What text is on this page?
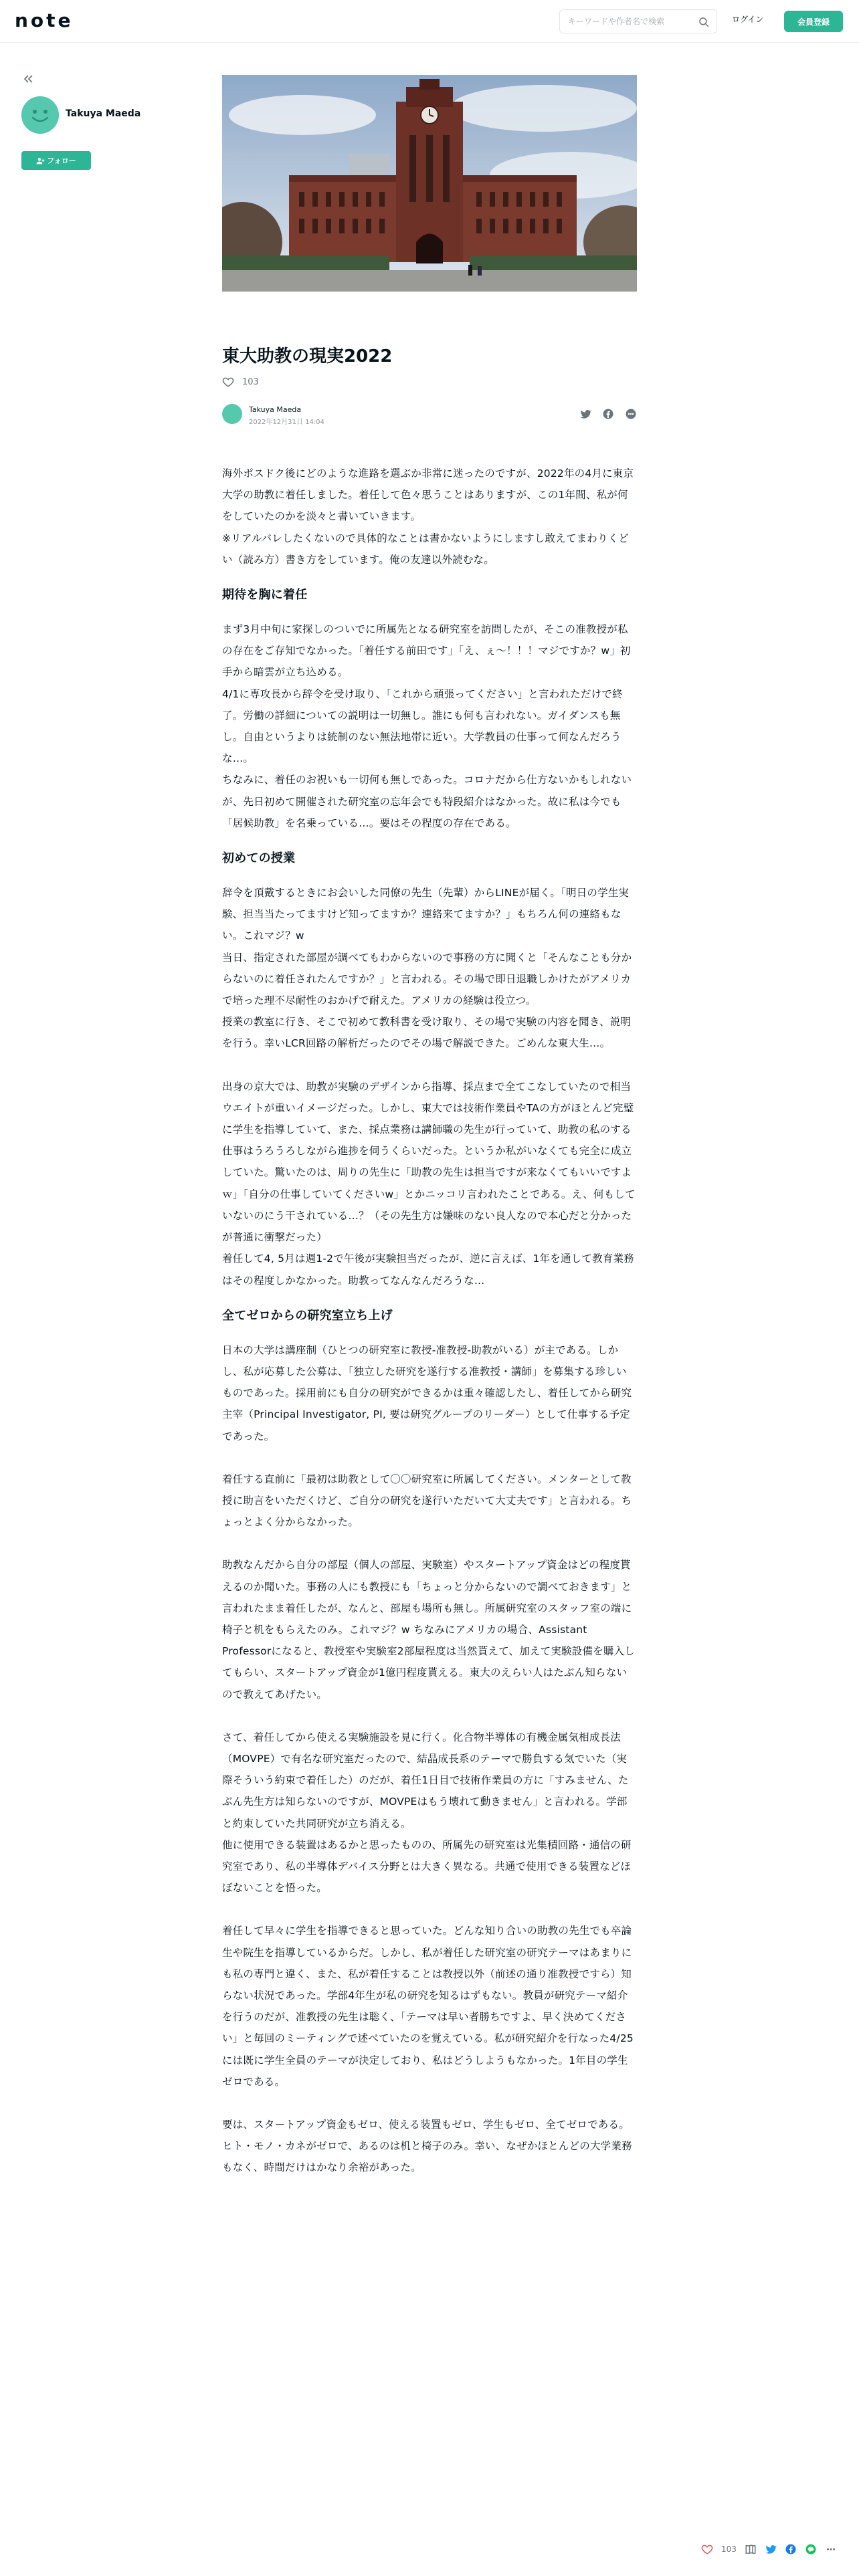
note
キーワードや作者名で検索	ログイン	会員登録
Takuya Maeda
フォロー
東大助教の現実2022
103
Takuya Maeda
2022年12月31日 14:04

海外ポスドク後にどのような進路を選ぶか非常に迷ったのですが、2022年の4月に東京大学の助教に着任しました。着任して色々思うことはありますが、この1年間、私が何をしていたのかを淡々と書いていきます。

※リアルバレしたくないので具体的なことは書かないようにしますし敢えてまわりくどい（読み方）書き方をしています。俺の友達以外読むな。

期待を胸に着任

まず3月中旬に家探しのついでに所属先となる研究室を訪問したが、そこの准教授が私の存在をご存知でなかった。「着任する前田です」「え、ぇ～！！！マジですか？w」初手から暗雲が立ち込める。

4/1に専攻長から辞令を受け取り、「これから頑張ってください」と言われただけで終了。労働の詳細についての説明は一切無し。誰にも何も言われない。ガイダンスも無し。自由というよりは統制のない無法地帯に近い。大学教員の仕事って何なんだろうな…。

ちなみに、着任のお祝いも一切何も無しであった。コロナだから仕方ないかもしれないが、先日初めて開催された研究室の忘年会でも特段紹介はなかった。故に私は今でも「居候助教」を名乗っている…。要はその程度の存在である。

初めての授業

辞令を頂戴するときにお会いした同僚の先生（先輩）からLINEが届く。「明日の学生実験、担当当たってますけど知ってますか？連絡来てますか？」もちろん何の連絡もない。これマジ？w

当日、指定された部屋が調べてもわからないので事務の方に聞くと「そんなことも分からないのに着任されたんですか？」と言われる。その場で即日退職しかけたがアメリカで培った理不尽耐性のおかげで耐えた。アメリカの経験は役立つ。

授業の教室に行き、そこで初めて教科書を受け取り、その場で実験の内容を聞き、説明を行う。幸いLCR回路の解析だったのでその場で解説できた。ごめんな東大生…。

出身の京大では、助教が実験のデザインから指導、採点まで全てこなしていたので相当ウエイトが重いイメージだった。しかし、東大では技術作業員やTAの方がほとんど完璧に学生を指導していて、また、採点業務は講師職の先生が行っていて、助教の私のする仕事はうろうろしながら進捗を伺うくらいだった。というか私がいなくても完全に成立していた。驚いたのは、周りの先生に「助教の先生は担当ですが来なくてもいいですよｗ」「自分の仕事していてくださいw」とかニッコリ言われたことである。え、何もしていないのにう干されている…？（その先生方は嫌味のない良人なので本心だと分かったが普通に衝撃だった）

着任して4, 5月は週1-2で午後が実験担当だったが、逆に言えば、1年を通して教育業務はその程度しかなかった。助教ってなんなんだろうな…

全てゼロからの研究室立ち上げ

日本の大学は講座制（ひとつの研究室に教授-准教授-助教がいる）が主である。しかし、私が応募した公募は、「独立した研究を遂行する准教授・講師」を募集する珍しいものであった。採用前にも自分の研究ができるかは重々確認したし、着任してから研究主宰（Principal Investigator, PI, 要は研究グループのリーダー）として仕事する予定であった。

着任する直前に「最初は助教として〇〇研究室に所属してください。メンターとして教授に助言をいただくけど、ご自分の研究を遂行いただいて大丈夫です」と言われる。ちょっとよく分からなかった。

助教なんだから自分の部屋（個人の部屋、実験室）やスタートアップ資金はどの程度貰えるのか聞いた。事務の人にも教授にも「ちょっと分からないので調べておきます」と言われたまま着任したが、なんと、部屋も場所も無し。所属研究室のスタッフ室の端に椅子と机をもらえたのみ。これマジ？w ちなみにアメリカの場合、Assistant Professorになると、教授室や実験室2部屋程度は当然貰えて、加えて実験設備を購入してもらい、スタートアップ資金が1億円程度貰える。東大のえらい人はたぶん知らないので教えてあげたい。

さて、着任してから使える実験施設を見に行く。化合物半導体の有機金属気相成長法（MOVPE）で有名な研究室だったので、結晶成長系のテーマで勝負する気でいた（実際そういう約束で着任した）のだが、着任1日目で技術作業員の方に「すみません、たぶん先生方は知らないのですが、MOVPEはもう壊れて動きません」と言われる。学部と約束していた共同研究が立ち消える。

他に使用できる装置はあるかと思ったものの、所属先の研究室は光集積回路・通信の研究室であり、私の半導体デバイス分野とは大きく異なる。共通で使用できる装置などほぼないことを悟った。

着任して早々に学生を指導できると思っていた。どんな知り合いの助教の先生でも卒論生や院生を指導しているからだ。しかし、私が着任した研究室の研究テーマはあまりにも私の専門と違く、また、私が着任することは教授以外（前述の通り准教授ですら）知らない状況であった。学部4年生が私の研究を知るはずもない。教員が研究テーマ紹介を行うのだが、准教授の先生は聡く、「テーマは早い者勝ちですよ、早く決めてください」と毎回のミーティングで述べていたのを覚えている。私が研究紹介を行なった4/25には既に学生全員のテーマが決定しており、私はどうしようもなかった。1年目の学生ゼロである。

要は、スタートアップ資金もゼロ、使える装置もゼロ、学生もゼロ、全てゼロである。ヒト・モノ・カネがゼロで、あるのは机と椅子のみ。幸い、なぜかほとんどの大学業務もなく、時間だけはかなり余裕があった。

103
